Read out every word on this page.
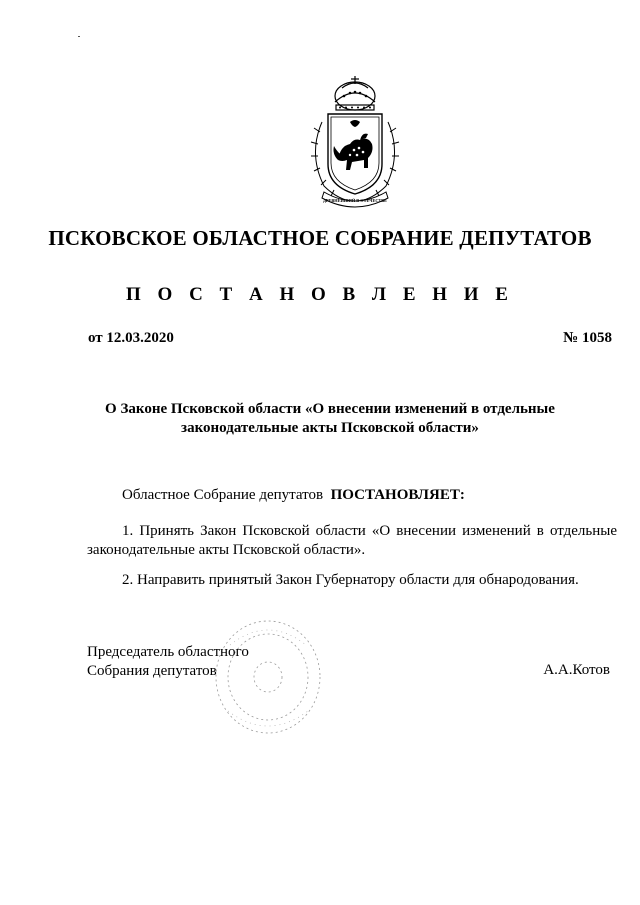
ДРЕВНЕЙШИЙ В ОТЕЧЕСТВЕ
ПСКОВСКОЕ ОБЛАСТНОЕ СОБРАНИЕ ДЕПУТАТОВ
П О С Т А Н О В Л Е Н И Е
от 12.03.2020	№ 1058
О Законе Псковской области «О внесении изменений в отдельные
законодательные акты Псковской области»
Областное Собрание депутатов ПОСТАНОВЛЯЕТ:
1. Принять Закон Псковской области «О внесении изменений в отдельные законодательные акты Псковской области».
2. Направить принятый Закон Губернатору области для обнародования.
Председатель областного
Собрания депутатов	А.А.Котов
